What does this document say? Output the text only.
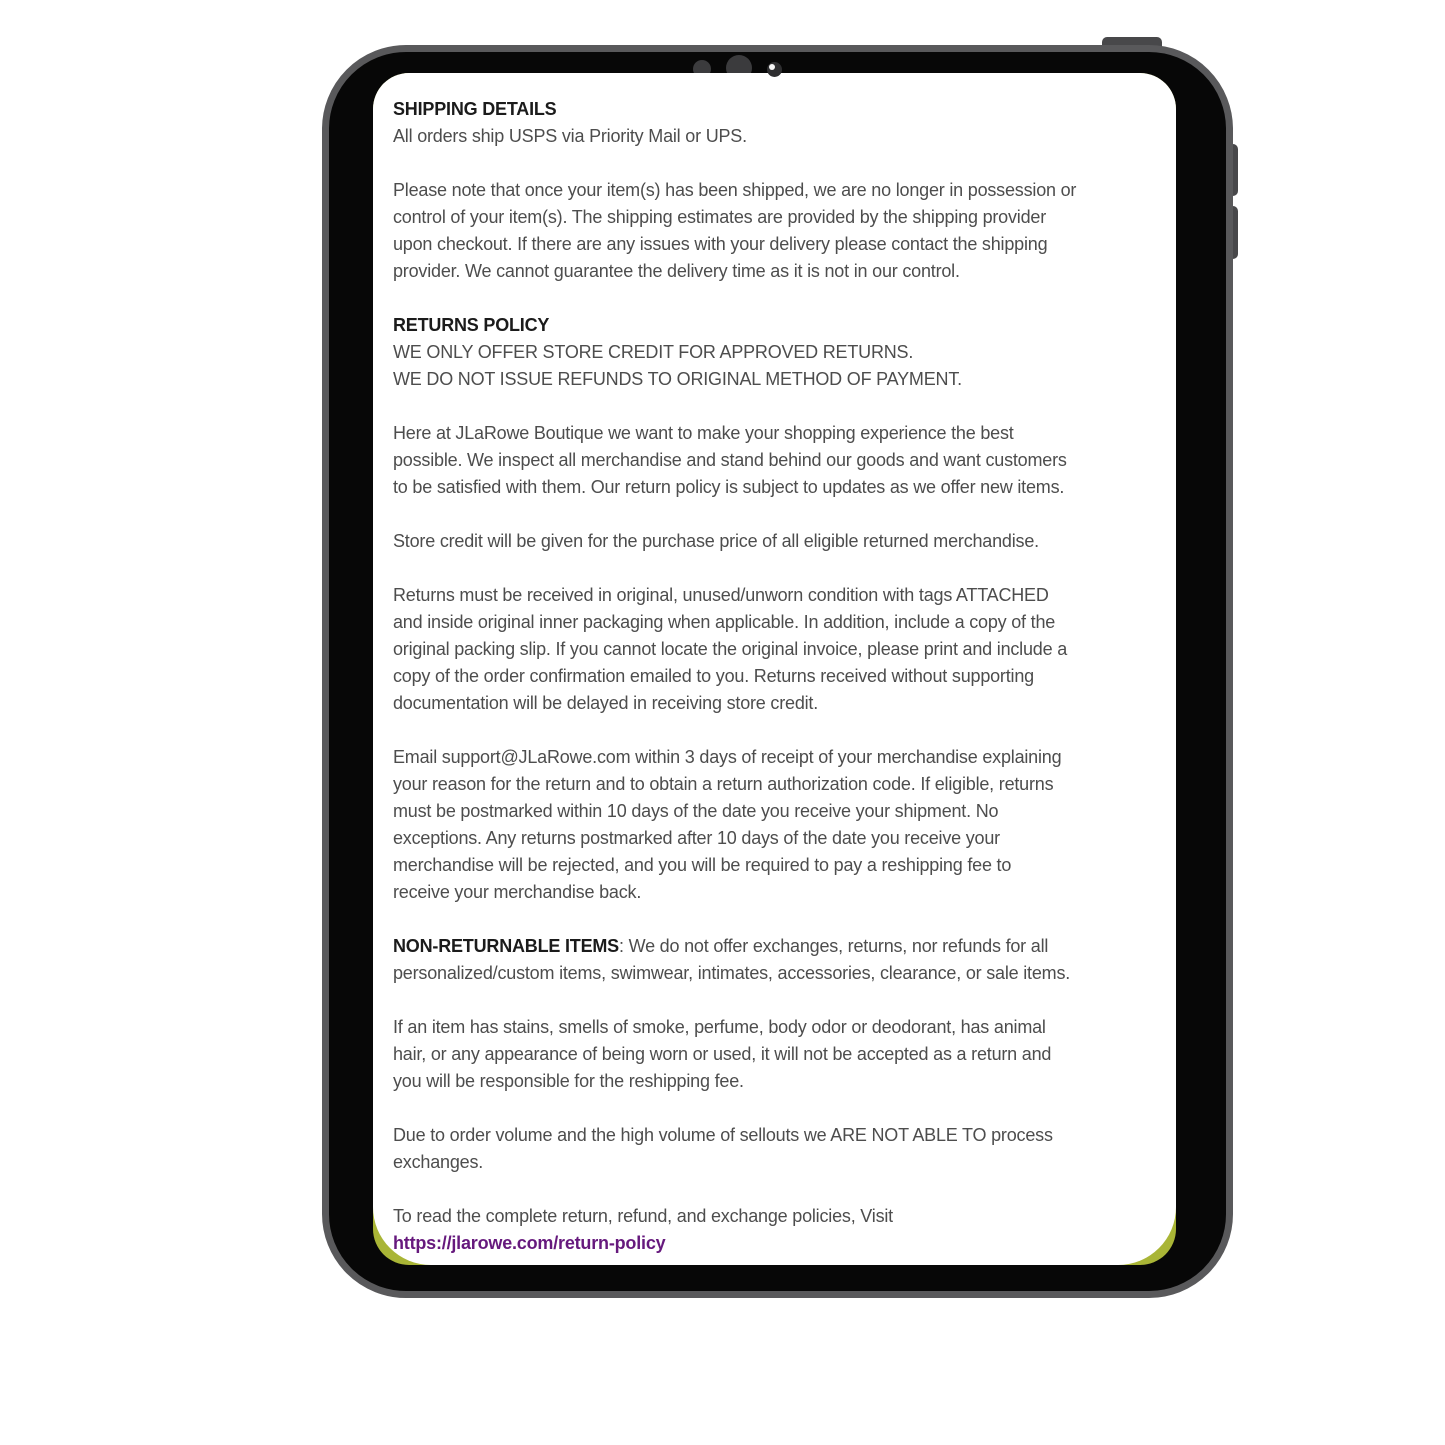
SHIPPING DETAILS
All orders ship USPS via Priority Mail or UPS.
Please note that once your item(s) has been shipped, we are no longer in possession or
control of your item(s). The shipping estimates are provided by the shipping provider
upon checkout. If there are any issues with your delivery please contact the shipping
provider. We cannot guarantee the delivery time as it is not in our control.
RETURNS POLICY
WE ONLY OFFER STORE CREDIT FOR APPROVED RETURNS.
WE DO NOT ISSUE REFUNDS TO ORIGINAL METHOD OF PAYMENT.
Here at JLaRowe Boutique we want to make your shopping experience the best
possible. We inspect all merchandise and stand behind our goods and want customers
to be satisfied with them. Our return policy is subject to updates as we offer new items.
Store credit will be given for the purchase price of all eligible returned merchandise.
Returns must be received in original, unused/unworn condition with tags ATTACHED
and inside original inner packaging when applicable. In addition, include a copy of the
original packing slip. If you cannot locate the original invoice, please print and include a
copy of the order confirmation emailed to you. Returns received without supporting
documentation will be delayed in receiving store credit.
Email support@JLaRowe.com within 3 days of receipt of your merchandise explaining
your reason for the return and to obtain a return authorization code. If eligible, returns
must be postmarked within 10 days of the date you receive your shipment. No
exceptions. Any returns postmarked after 10 days of the date you receive your
merchandise will be rejected, and you will be required to pay a reshipping fee to
receive your merchandise back.
NON-RETURNABLE ITEMS: We do not offer exchanges, returns, nor refunds for all
personalized/custom items, swimwear, intimates, accessories, clearance, or sale items.
If an item has stains, smells of smoke, perfume, body odor or deodorant, has animal
hair, or any appearance of being worn or used, it will not be accepted as a return and
you will be responsible for the reshipping fee.
Due to order volume and the high volume of sellouts we ARE NOT ABLE TO process
exchanges.
To read the complete return, refund, and exchange policies, Visit
https://jlarowe.com/return-policy
